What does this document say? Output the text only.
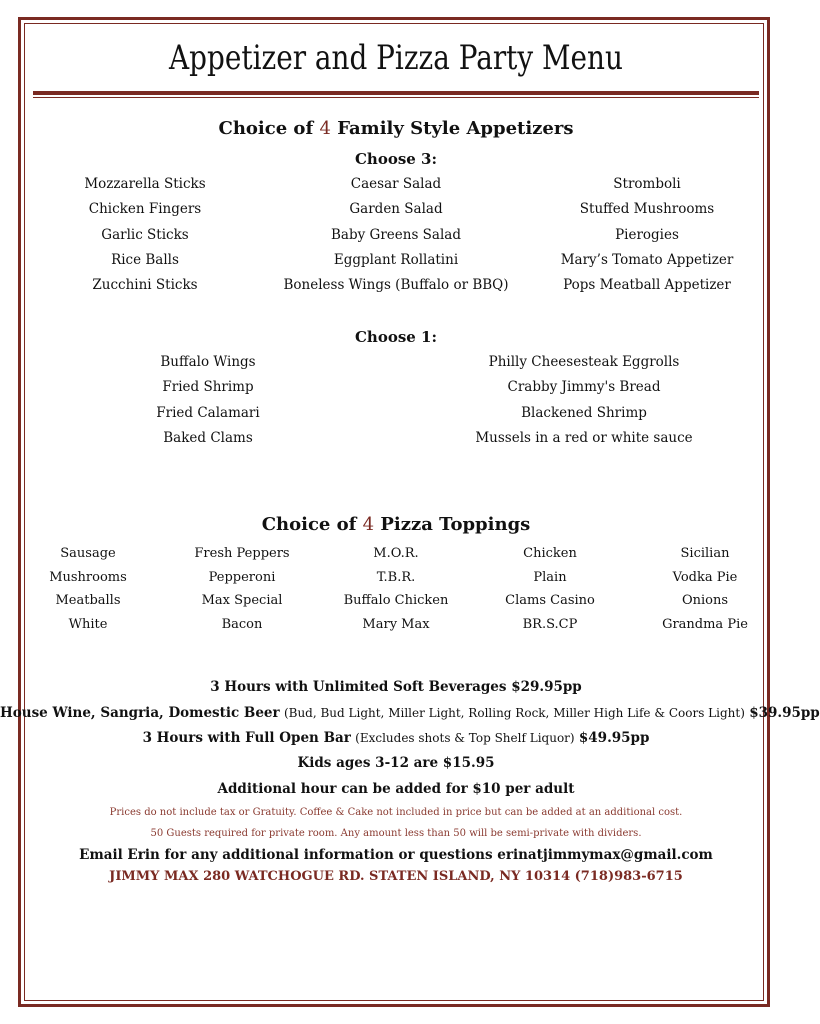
Appetizer and Pizza Party Menu
Choice of 4 Family Style Appetizers
Choose 3:
Mozzarella Sticks
Chicken Fingers
Garlic Sticks
Rice Balls
Zucchini Sticks
Caesar Salad
Garden Salad
Baby Greens Salad
Eggplant Rollatini
Boneless Wings (Buffalo or BBQ)
Stromboli
Stuffed Mushrooms
Pierogies
Mary’s Tomato Appetizer
Pops Meatball Appetizer
Choose 1:
Buffalo Wings
Fried Shrimp
Fried Calamari
Baked Clams
Philly Cheesesteak Eggrolls
Crabby Jimmy's Bread
Blackened Shrimp
Mussels in a red or white sauce
Choice of 4 Pizza Toppings
Sausage
Mushrooms
Meatballs
White
Fresh Peppers
Pepperoni
Max Special
Bacon
M.O.R.
T.B.R.
Buffalo Chicken
Mary Max
Chicken
Plain
Clams Casino
BR.S.CP
Sicilian
Vodka Pie
Onions
Grandma Pie
3 Hours with Unlimited Soft Beverages $29.95pp
House Wine, Sangria, Domestic Beer (Bud, Bud Light, Miller Light, Rolling Rock, Miller High Life & Coors Light) $39.95pp
3 Hours with Full Open Bar (Excludes shots & Top Shelf Liquor) $49.95pp
Kids ages 3-12 are $15.95
Additional hour can be added for $10 per adult
Prices do not include tax or Gratuity. Coffee & Cake not included in price but can be added at an additional cost.
50 Guests required for private room. Any amount less than 50 will be semi-private with dividers.
Email Erin for any additional information or questions erinatjimmymax@gmail.com
JIMMY MAX 280 WATCHOGUE RD. STATEN ISLAND, NY 10314 (718)983-6715
